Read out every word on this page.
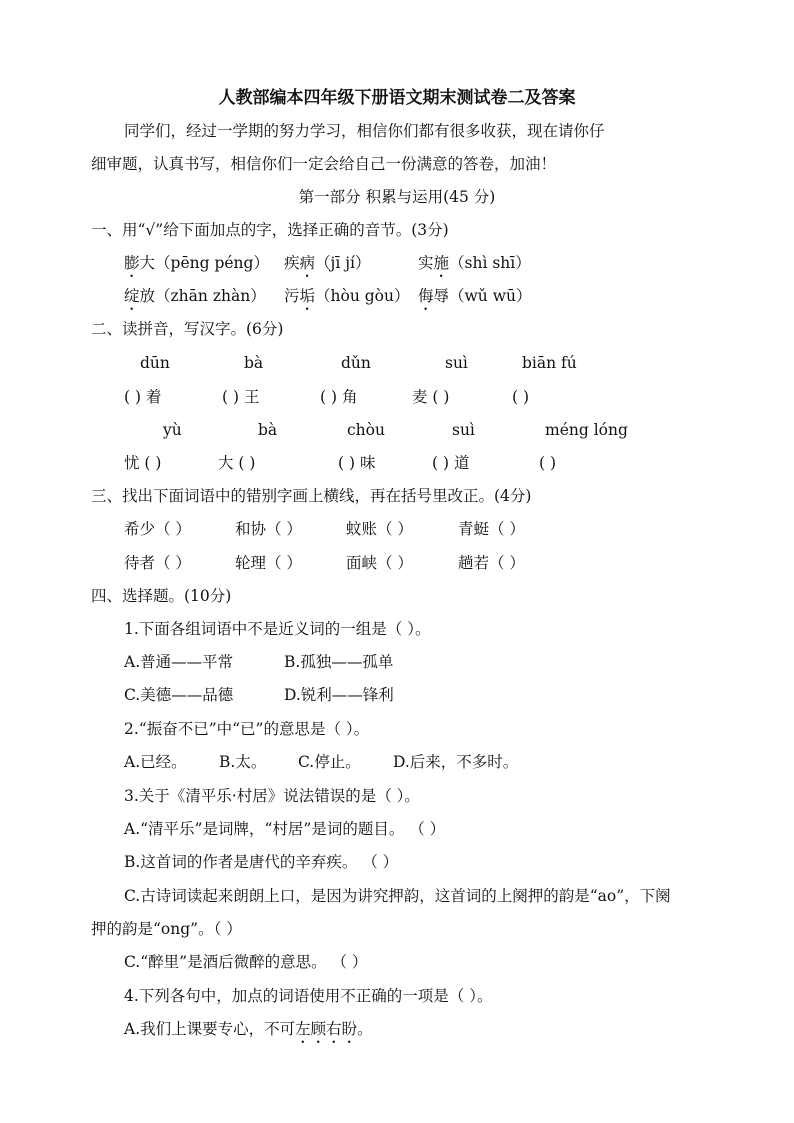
人教部编本四年级下册语文期末测试卷二及答案
同学们，经过一学期的努力学习，相信你们都有很多收获，现在请你仔
细审题，认真书写，相信你们一定会给自己一份满意的答卷，加油！
第一部分 积累与运用(45 分)
一、用“√”给下面加点的字，选择正确的音节。(3分)
膨大（pēng péng） 疾病（jī jí）	实施（shì shī）
绽放（zhān zhàn） 污垢（hòu gòu） 侮辱（wǔ wū）
二、读拼音，写汉字。(6分)
dūn	bà	dǔn	suì	biān fú
( ) 着	( ) 王	( ) 角	麦 ( )	( )
yù	bà	chòu	suì	méng lóng
忧 ( )	大 ( )	( ) 味	( ) 道	( )
三、找出下面词语中的错别字画上横线，再在括号里改正。(4分)
希少（ ）	和协（ ）	蚊账（ ）	青蜓（ ）
待者（ ）	轮理（ ）	面峡（ ）	趟若（ ）
四、选择题。(10分)
1.下面各组词语中不是近义词的一组是（ ）。
A.普通——平常	B.孤独——孤单
C.美德——品德	D.锐利——锋利
2.“振奋不已”中“已”的意思是（ ）。
A.已经。 B.太。 C.停止。 D.后来，不多时。
3.关于《清平乐·村居》说法错误的是（ ）。
A.“清平乐”是词牌，“村居”是词的题目。 （ ）
B.这首词的作者是唐代的辛弃疾。 （ ）
C.古诗词读起来朗朗上口，是因为讲究押韵，这首词的上阕押的韵是“ao”，下阕
押的韵是“ong”。（ ）
C.“醉里”是酒后微醉的意思。 （ ）
4.下列各句中，加点的词语使用不正确的一项是（ ）。
A.我们上课要专心，不可左顾右盼。
